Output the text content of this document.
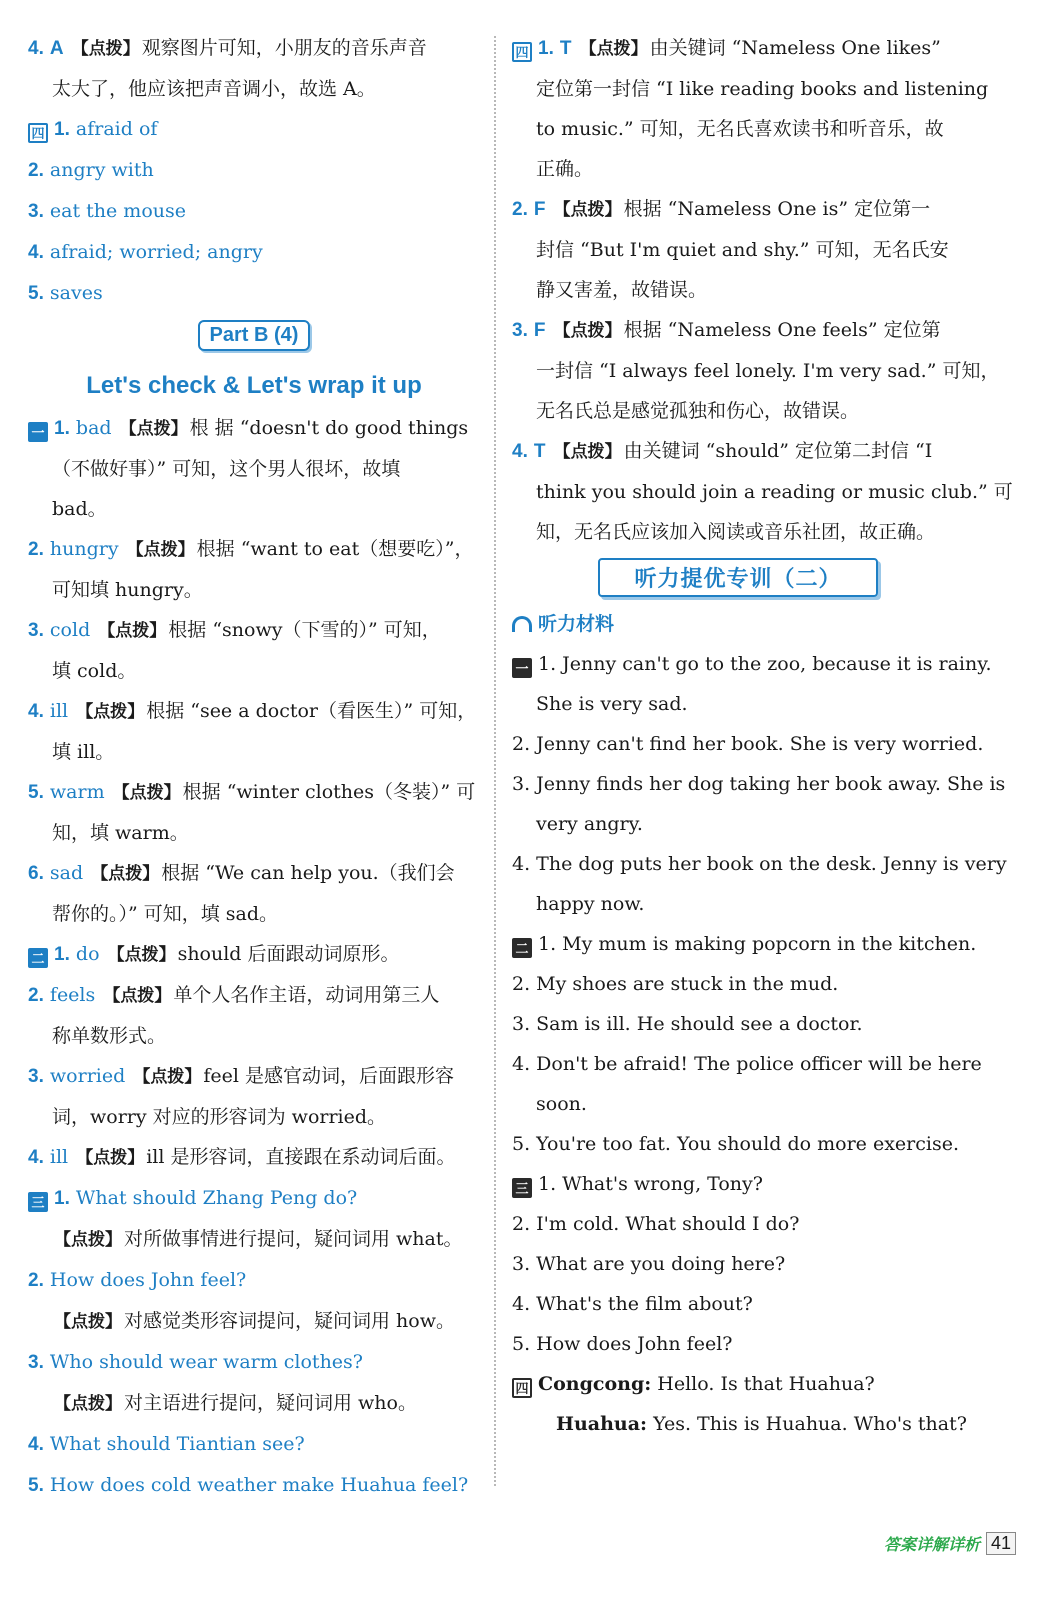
4. A 【 点拨 】 观察图片可知，小朋友的音乐声音
太大了，他应该把声音调小，故选 A。
四 1. afraid of
2. angry with
3. eat the mouse
4. afraid; worried; angry
5. saves
Part B (4)
Let's check & Let's wrap it up
一 1. bad 【 点拨 】 根 据 “doesn't do good things
（不做好事）” 可知，这个男人很坏，故填
bad。
2. hungry 【 点拨 】 根据 “want to eat（想要吃）”，
可知填 hungry。
3. cold 【 点拨 】 根据 “snowy（下雪的）” 可知，
填 cold。
4. ill 【 点拨 】 根据 “see a doctor（看医生）” 可知，
填 ill。
5. warm 【 点拨 】 根据 “winter clothes（冬装）” 可
知，填 warm。
6. sad 【 点拨 】 根据 “We can help you.（我们会
帮你的。）” 可知，填 sad。
二 1. do 【 点拨 】 should 后面跟动词原形。
2. feels 【 点拨 】 单个人名作主语，动词用第三人
称单数形式。
3. worried 【 点拨 】 feel 是感官动词，后面跟形容
词，worry 对应的形容词为 worried。
4. ill 【 点拨 】 ill 是形容词，直接跟在系动词后面。
三 1. What should Zhang Peng do?
【 点拨 】 对所做事情进行提问，疑问词用 what。
2. How does John feel?
【 点拨 】 对感觉类形容词提问，疑问词用 how。
3. Who should wear warm clothes?
【 点拨 】 对主语进行提问，疑问词用 who。
4. What should Tiantian see?
5. How does cold weather make Huahua feel?
四 1. T 【 点拨 】 由关键词 “Nameless One likes”
定位第一封信 “I like reading books and listening
to music.” 可知，无名氏喜欢读书和听音乐，故
正确。
2. F 【 点拨 】 根据 “Nameless One is” 定位第一
封信 “But I'm quiet and shy.” 可知，无名氏安
静又害羞，故错误。
3. F 【 点拨 】 根据 “Nameless One feels” 定位第
一封信 “I always feel lonely. I'm very sad.” 可知，
无名氏总是感觉孤独和伤心，故错误。
4. T 【 点拨 】 由关键词 “should” 定位第二封信 “I
think you should join a reading or music club.” 可
知，无名氏应该加入阅读或音乐社团，故正确。
听力提优专训（二）
听力材料
一 1. Jenny can't go to the zoo, because it is rainy.
She is very sad.
2. Jenny can't find her book. She is very worried.
3. Jenny finds her dog taking her book away. She is
very angry.
4. The dog puts her book on the desk. Jenny is very
happy now.
二 1. My mum is making popcorn in the kitchen.
2. My shoes are stuck in the mud.
3. Sam is ill. He should see a doctor.
4. Don't be afraid! The police officer will be here
soon.
5. You're too fat. You should do more exercise.
三 1. What's wrong, Tony?
2. I'm cold. What should I do?
3. What are you doing here?
4. What's the film about?
5. How does John feel?
四 Congcong: Hello. Is that Huahua?
Huahua: Yes. This is Huahua. Who's that?
答案详解详析 41
